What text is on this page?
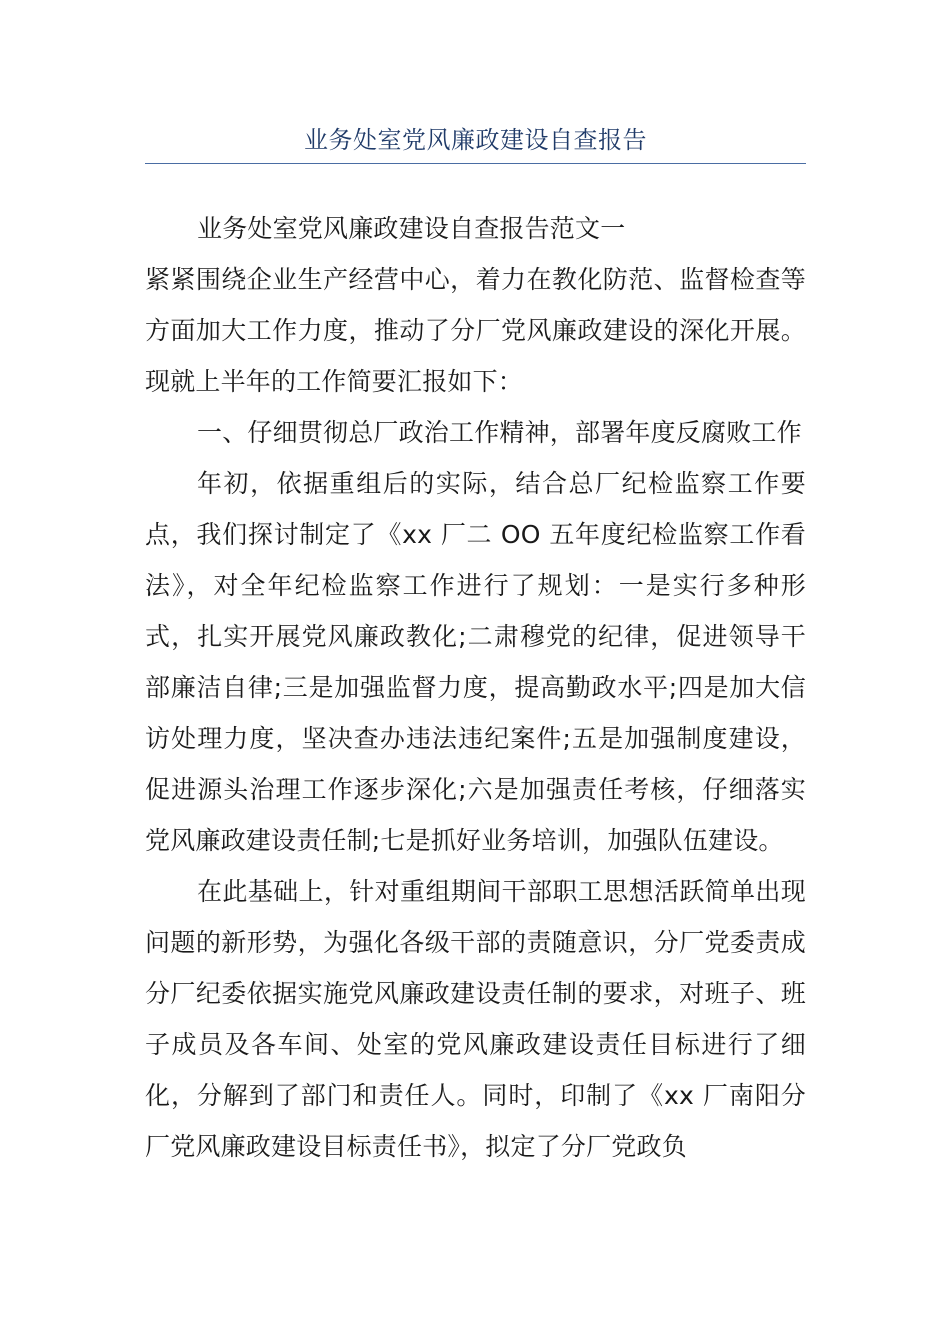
业务处室党风廉政建设自查报告

业务处室党风廉政建设自查报告范文一

紧紧围绕企业生产经营中心，着力在教化防范、监督检查等方面加大工作力度，推动了分厂党风廉政建设的深化开展。现就上半年的工作简要汇报如下：

一、仔细贯彻总厂政治工作精神，部署年度反腐败工作

年初，依据重组后的实际，结合总厂纪检监察工作要点，我们探讨制定了《xx 厂二 OO 五年度纪检监察工作看法》，对全年纪检监察工作进行了规划：一是实行多种形式，扎实开展党风廉政教化;二肃穆党的纪律，促进领导干部廉洁自律;三是加强监督力度，提高勤政水平;四是加大信访处理力度，坚决查办违法违纪案件;五是加强制度建设，促进源头治理工作逐步深化;六是加强责任考核，仔细落实党风廉政建设责任制;七是抓好业务培训，加强队伍建设。

在此基础上，针对重组期间干部职工思想活跃简单出现问题的新形势，为强化各级干部的责随意识，分厂党委责成分厂纪委依据实施党风廉政建设责任制的要求，对班子、班子成员及各车间、处室的党风廉政建设责任目标进行了细化，分解到了部门和责任人。同时，印制了《xx 厂南阳分厂党风廉政建设目标责任书》，拟定了分厂党政负
